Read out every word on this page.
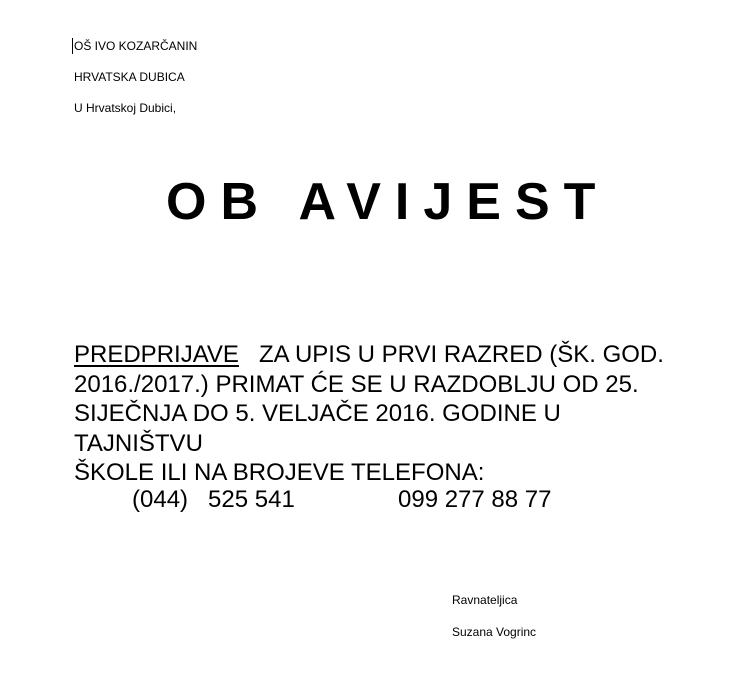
OŠ IVO KOZARČANIN
HRVATSKA DUBICA
U Hrvatskoj Dubici,
OB AVIJEST
PREDPRIJAVE   ZA UPIS U PRVI RAZRED (ŠK. GOD.
2016./2017.) PRIMAT ĆE SE U RAZDOBLJU OD 25.
SIJEČNJA DO 5. VELJAČE 2016. GODINE U TAJNIŠTVU
ŠKOLE ILI NA BROJEVE TELEFONA:
(044)   525 541	099 277 88 77
Ravnateljica
Suzana Vogrinc
